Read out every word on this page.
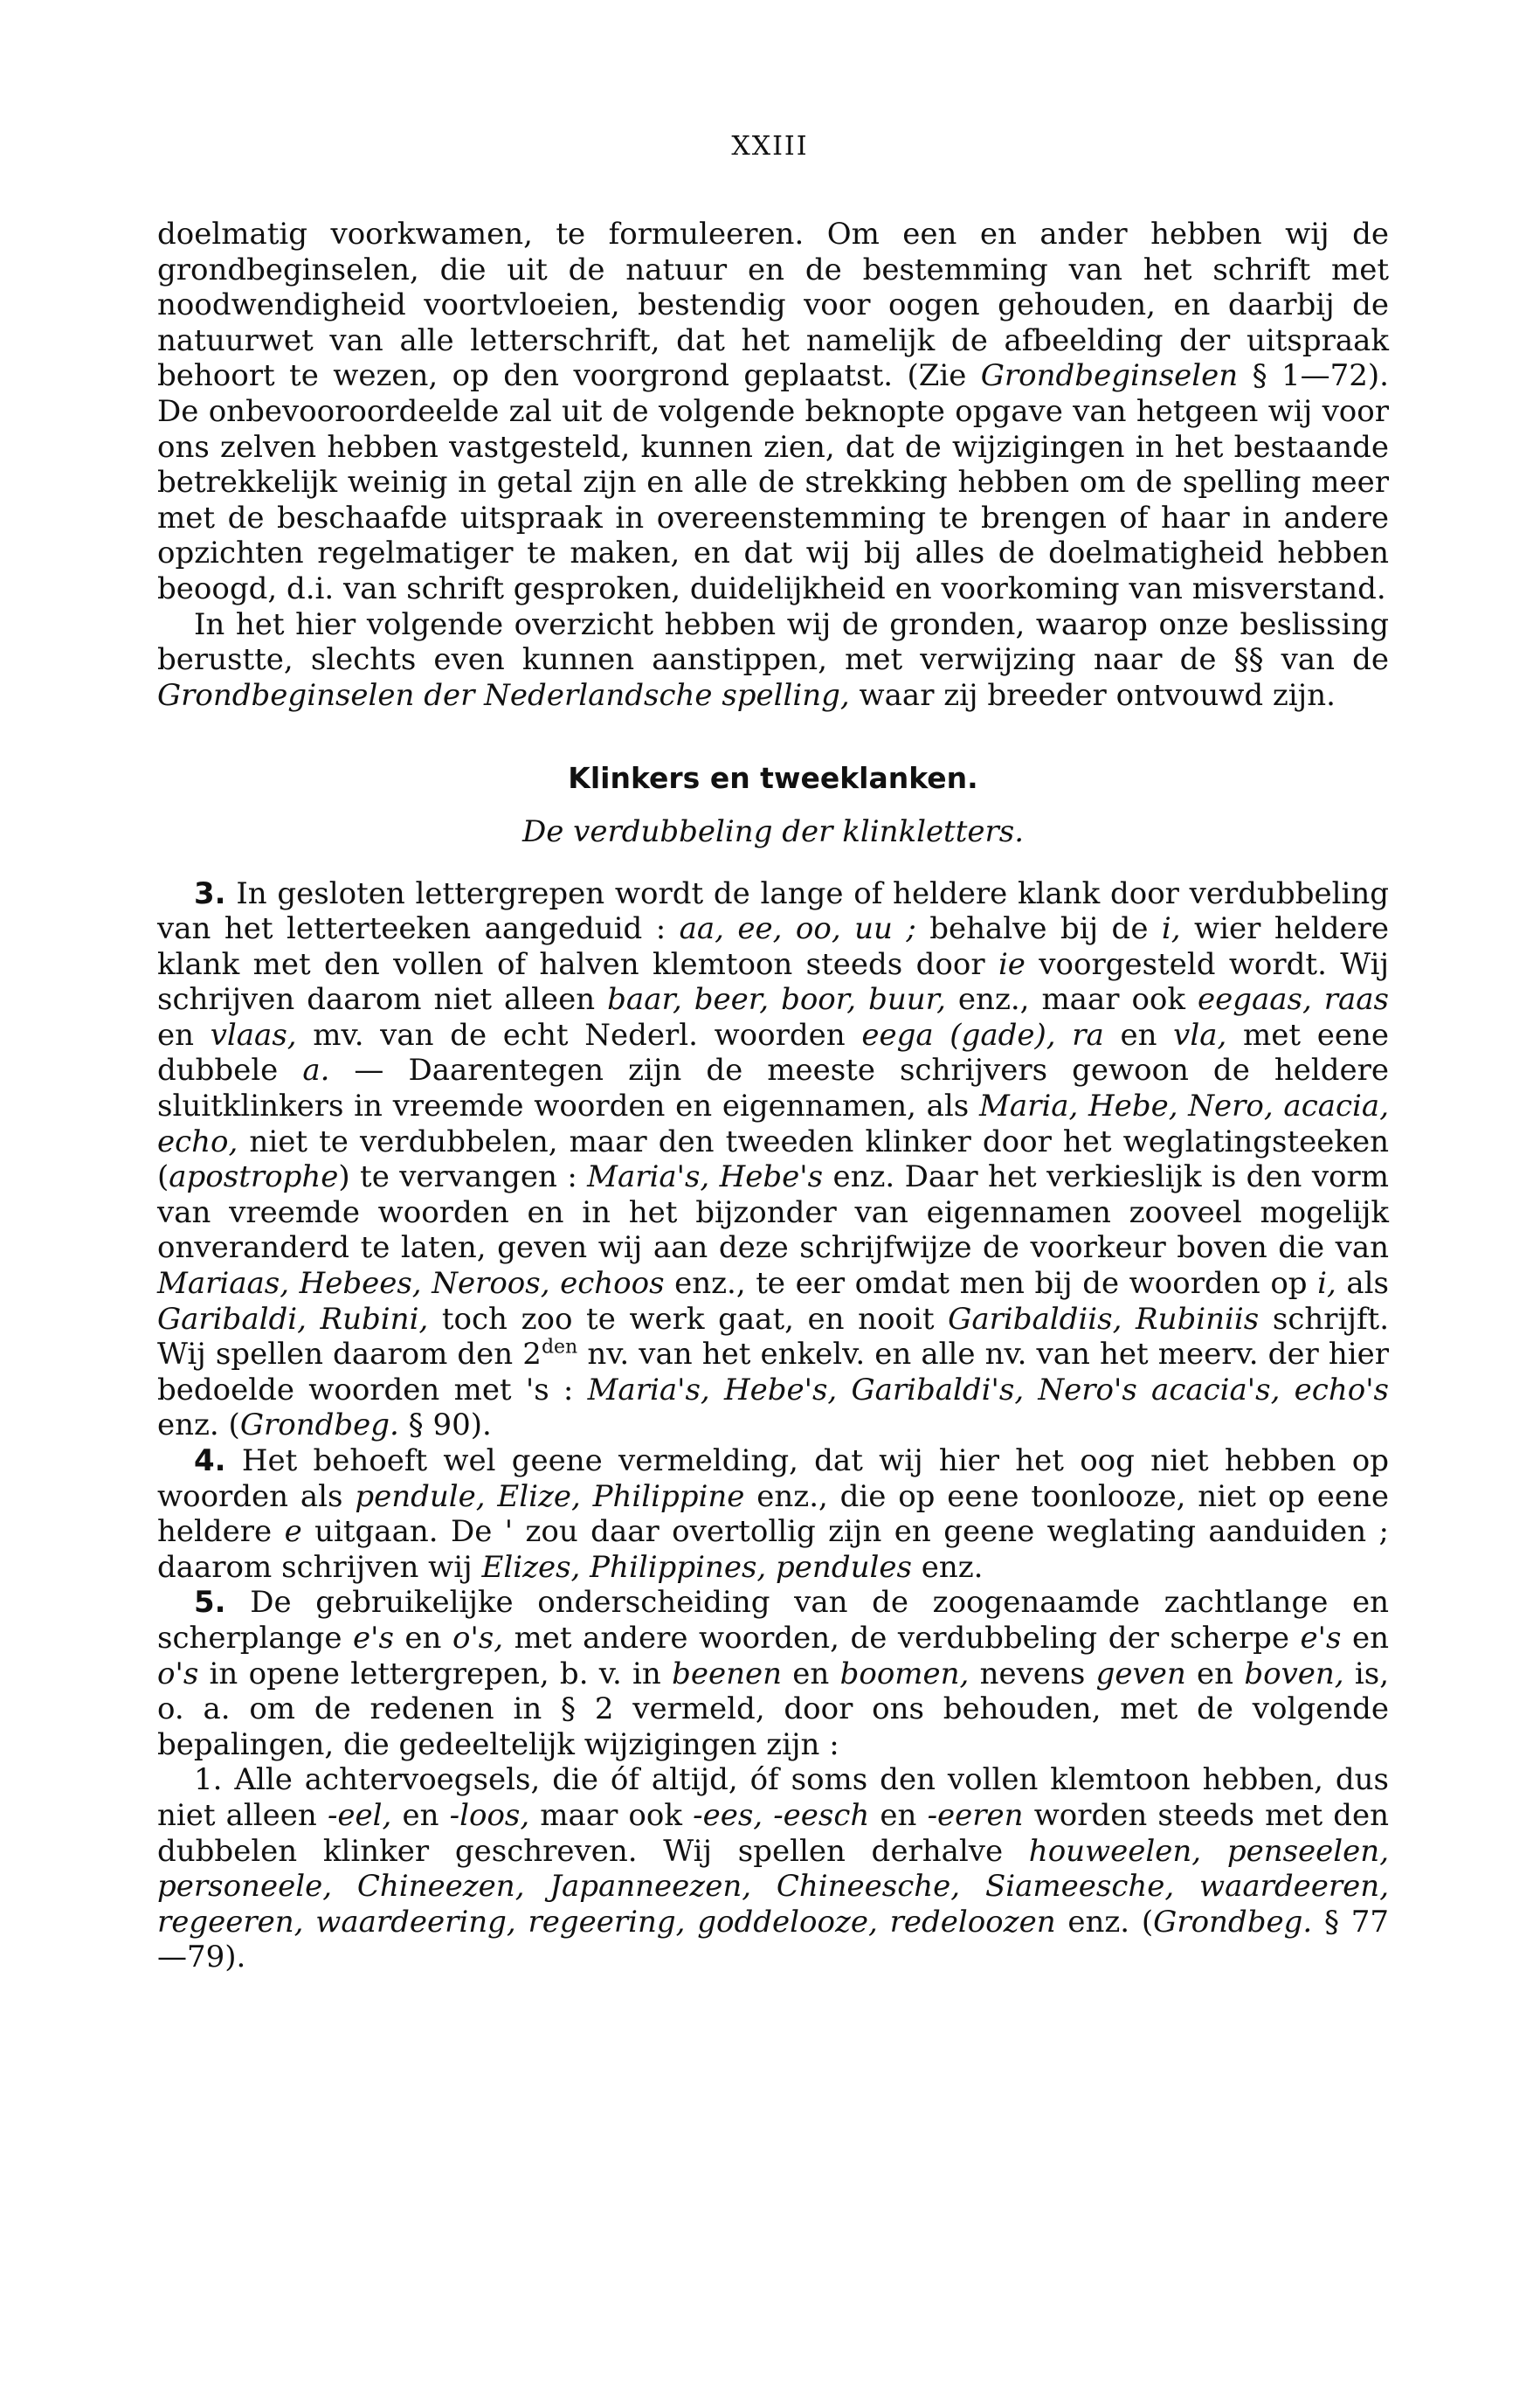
XXIII

doelmatig voorkwamen, te formuleeren. Om een en ander hebben wij de grondbeginselen, die uit de natuur en de bestemming van het schrift met noodwendigheid voortvloeien, bestendig voor oogen gehouden, en daarbij de natuurwet van alle letterschrift, dat het namelijk de afbeelding der uitspraak behoort te wezen, op den voorgrond geplaatst. (Zie Grondbeginselen § 1—72). De onbevooroordeelde zal uit de volgende beknopte opgave van hetgeen wij voor ons zelven hebben vastgesteld, kunnen zien, dat de wijzigingen in het bestaande betrekkelijk weinig in getal zijn en alle de strekking hebben om de spelling meer met de beschaafde uitspraak in overeenstemming te brengen of haar in andere opzichten regelmatiger te maken, en dat wij bij alles de doelmatigheid hebben beoogd, d.i. van schrift gesproken, duidelijkheid en voorkoming van misverstand.

In het hier volgende overzicht hebben wij de gronden, waarop onze beslissing berustte, slechts even kunnen aanstippen, met verwijzing naar de §§ van de Grondbeginselen der Nederlandsche spelling, waar zij breeder ontvouwd zijn.

Klinkers en tweeklanken.

De verdubbeling der klinkletters.

3. In gesloten lettergrepen wordt de lange of heldere klank door verdubbeling van het letterteeken aangeduid : aa, ee, oo, uu ; behalve bij de i, wier heldere klank met den vollen of halven klemtoon steeds door ie voorgesteld wordt. Wij schrijven daarom niet alleen baar, beer, boor, buur, enz., maar ook eegaas, raas en vlaas, mv. van de echt Nederl. woorden eega (gade), ra en vla, met eene dubbele a. — Daarentegen zijn de meeste schrijvers gewoon de heldere sluitklinkers in vreemde woorden en eigennamen, als Maria, Hebe, Nero, acacia, echo, niet te verdubbelen, maar den tweeden klinker door het weglatingsteeken (apostrophe) te vervangen : Maria's, Hebe's enz. Daar het verkieslijk is den vorm van vreemde woorden en in het bijzonder van eigennamen zooveel mogelijk onveranderd te laten, geven wij aan deze schrijfwijze de voorkeur boven die van Mariaas, Hebees, Neroos, echoos enz., te eer omdat men bij de woorden op i, als Garibaldi, Rubini, toch zoo te werk gaat, en nooit Garibaldiis, Rubiniis schrijft. Wij spellen daarom den $2^{den}$ nv. van het enkelv. en alle nv. van het meerv. der hier bedoelde woorden met 's : Maria's, Hebe's, Garibaldi's, Nero's acacia's, echo's enz. (Grondbeg. § 90).

4. Het behoeft wel geene vermelding, dat wij hier het oog niet hebben op woorden als pendule, Elize, Philippine enz., die op eene toonlooze, niet op eene heldere e uitgaan. De ' zou daar overtollig zijn en geene weglating aanduiden ; daarom schrijven wij Elizes, Philippines, pendules enz.

5. De gebruikelijke onderscheiding van de zoogenaamde zachtlange en scherplange e's en o's, met andere woorden, de verdubbeling der scherpe e's en o's in opene lettergrepen, b. v. in beenen en boomen, nevens geven en boven, is, o. a. om de redenen in § 2 vermeld, door ons behouden, met de volgende bepalingen, die gedeeltelijk wijzigingen zijn :

1. Alle achtervoegsels, die óf altijd, óf soms den vollen klemtoon hebben, dus niet alleen -eel, en -loos, maar ook -ees, -eesch en -eeren worden steeds met den dubbelen klinker geschreven. Wij spellen derhalve houweelen, penseelen, personeele, Chineezen, Japanneezen, Chineesche, Siameesche, waardeeren, regeeren, waardeering, regeering, goddelooze, redeloozen enz. (Grondbeg. § 77—79).
